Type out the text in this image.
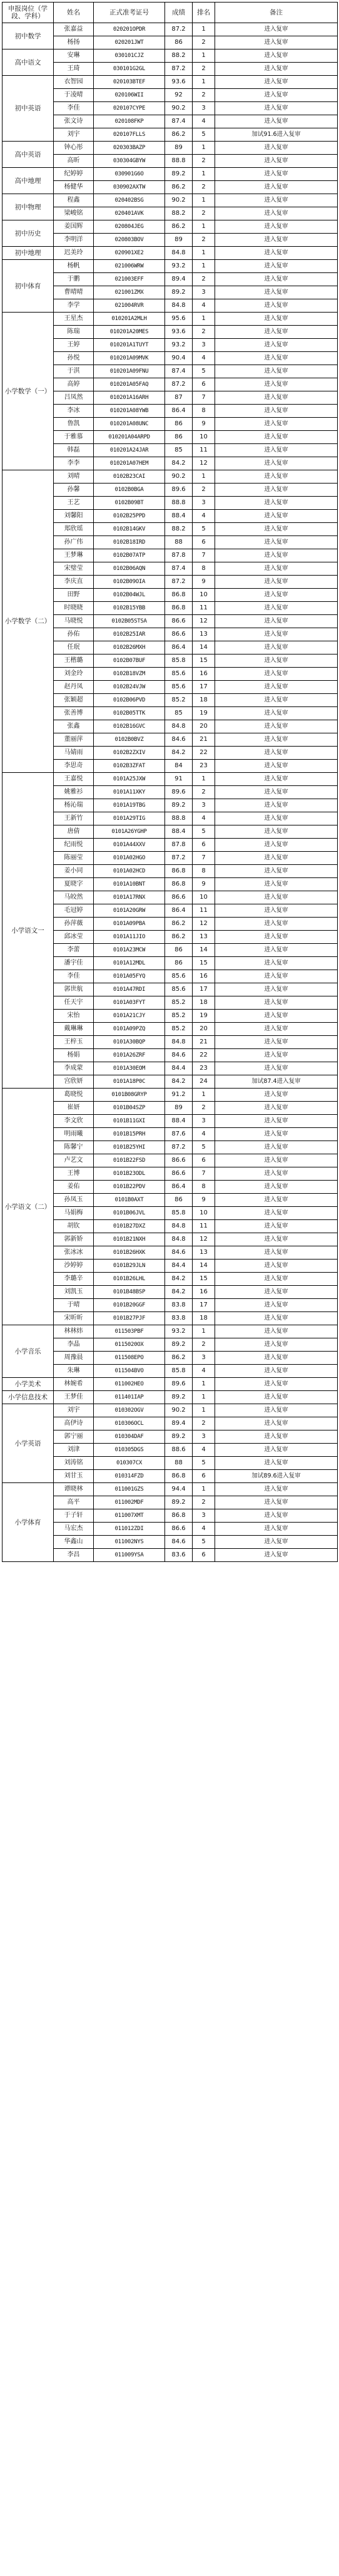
申报岗位（学段、学科）	姓名	正式准考证号	成绩	排名	备注
初中数学	张嘉益	020201OPDR	87.2	1	进入复审
	杨扬	020201JWT	86	2	进入复审
高中语文	安琳	030101CJZ	88.2	1	进入复审
	王琦	030101G2GL	87.2	2	进入复审
初中英语	衣智园	020103BTEF	93.6	1	进入复审
	于凌晴	020106WII	92	2	进入复审
	李佳	020107CYPE	90.2	3	进入复审
	张文诗	020108FKP	87.4	4	进入复审
	刘宇	020107FLLS	86.2	5	加试91.6进入复审
高中英语	钟心彤	020303BAZP	89	1	进入复审
	高昕	030304GBYW	88.8	2	进入复审
高中地理	纪婷婷	030901G6O	89.2	1	进入复审
	杨健华	030902AXTW	86.2	2	进入复审
初中物理	程鑫	020402BSG	90.2	1	进入复审
	梁峻铭	020401AVK	88.2	2	进入复审
初中历史	姜国辉	020804JEG	86.2	1	进入复审
	李明洋	020803BOV	89	2	进入复审
初中地理	迟美玲	020901XE2	84.8	1	进入复审
初中体育	杨帆	021006WRW	93.2	1	进入复审
	于鹏	021003EFF	89.4	2	进入复审
	曹晴晴	021001ZMX	89.2	3	进入复审
	李学	021004RVR	84.8	4	进入复审
小学数学（一）	王星杰	010201A2MLH	95.6	1	进入复审
	陈瑞	010201A20MES	93.6	2	进入复审
	王婷	010201A1TUYT	93.2	3	进入复审
	孙悦	010201A09MVK	90.4	4	进入复审
	于淇	010201A09FNU	87.4	5	进入复审
	高婷	010201A05FAQ	87.2	6	进入复审
	吕凤然	010201A16ARH	87	7	进入复审
	李冰	010201A08YWB	86.4	8	进入复审
	鲁凯	010201A08UNC	86	9	进入复审
	于雅慕	010201A04ARPD	86	10	进入复审
	韩磊	010201A24JAR	85	11	进入复审
	李李	010201A07HEM	84.2	12	进入复审
小学数学（二）	刘晴	0102B23CAI	90.2	1	进入复审
	孙馨	0102B0BGA	89.6	2	进入复审
	王艺	0102B09BT	88.8	3	进入复审
	刘馨阳	0102B25PPD	88.4	4	进入复审
	郑欣瑶	0102B14GKV	88.2	5	进入复审
	孙广伟	0102B18IRD	88	6	进入复审
	王梦琳	0102B07ATP	87.8	7	进入复审
	宋璧莹	0102B06AQN	87.4	8	进入复审
	李庆直	0102B09OIA	87.2	9	进入复审
	田野	0102B04WJL	86.8	10	进入复审
	时晓晓	0102B15YBB	86.8	11	进入复审
	马晓悦	0102B05STSA	86.6	12	进入复审
	孙佑	0102B25IAR	86.6	13	进入复审
	任珉	0102B26MXH	86.4	14	进入复审
	王楷璐	0102B07BUF	85.8	15	进入复审
	刘金玲	0102B18VZM	85.6	16	进入复审
	赵丹凤	0102B24VJW	85.6	17	进入复审
	张颖超	0102B06PVD	85.2	18	进入复审
	张善博	0102B05TTK	85	19	进入复审
	张鑫	0102B16GVC	84.8	20	进入复审
	董丽萍	0102B0BVZ	84.6	21	进入复审
	马婧雨	0102B2ZXIV	84.2	22	进入复审
	李思奇	0102B3ZFAT	84	23	进入复审
小学语文一	王嘉悦	0101A25JXW	91	1	进入复审
	姚雅衫	0101A11XKY	89.6	2	进入复审
	杨沁瑞	0101A19TBG	89.2	3	进入复审
	王新竹	0101A29TIG	88.8	4	进入复审
	唐倩	0101A26YGHP	88.4	5	进入复审
	纪雨悦	0101A44XXV	87.8	6	进入复审
	陈丽莹	0101A02HGO	87.2	7	进入复审
	姜小同	0101A02HCD	86.8	8	进入复审
	夏晓字	0101A10BNT	86.8	9	进入复审
	马皎然	0101A17RNX	86.6	10	进入复审
	毛冠婷	0101A20GRW	86.4	11	进入复审
	孙萍薇	0101A09PBA	86.2	12	进入复审
	邱冰莹	0101A11JIO	86.2	13	进入复审
	李蕾	0101A23MCW	86	14	进入复审
	潘宇佳	0101A12MDL	86	15	进入复审
	李佳	0101A05FYQ	85.6	16	进入复审
	郭世航	0101A47RDI	85.6	17	进入复审
	任天宇	0101A03FYT	85.2	18	进入复审
	宋怡	0101A21CJY	85.2	19	进入复审
	戴琳琳	0101A09PZQ	85.2	20	进入复审
	王梓玉	0101A30BQP	84.8	21	进入复审
	杨娟	0101A26ZRF	84.6	22	进入复审
	李成蒙	0101A30EOM	84.4	23	进入复审
	宫欣妍	0101A18P0C	84.2	24	加试87.4进入复审
小学语文（二）	葛晓悦	0101B08GRYP	91.2	1	进入复审
	崔妍	0101B04SZP	89	2	进入复审
	李文欣	0101B11GXI	88.4	3	进入复审
	明雨曦	0101B15PRH	87.6	4	进入复审
	陈馨宁	0101B25YHI	87.2	5	进入复审
	卢艺文	0101B22FSD	86.6	6	进入复审
	王博	0101B23ODL	86.6	7	进入复审
	姜佑	0101B22PDV	86.4	8	进入复审
	孙凤玉	0101B0AXT	86	9	进入复审
	马娟梅	0101B06JVL	85.8	10	进入复审
	胡钦	0101B27DXZ	84.8	11	进入复审
	郭新娇	0101B21NXH	84.8	12	进入复审
	张冰冰	0101B26HXK	84.6	13	进入复审
	沙婷婷	0101B29JLN	84.4	14	进入复审
	李璐辛	0101B26LHL	84.2	15	进入复审
	刘凯玉	0101B48BSP	84.2	16	进入复审
	于晴	0101B20GGF	83.8	17	进入复审
	宋昕昕	0101B27PJF	83.8	18	进入复审
小学音乐	林林炜	011503PBF	93.2	1	进入复审
	李晶	0115020OX	89.2	2	进入复审
	周豫晨	011508EPO	86.2	3	进入复审
	朱琳	011504BVO	85.8	4	进入复审
小学美术	林婉希	011002HEO	89.6	1	进入复审
小学信息技术	王梦佳	011401IAP	89.2	1	进入复审
小学英语	刘宇	010302OGV	90.2	1	进入复审
	高伊诗	010306OCL	89.4	2	进入复审
	郭宁丽	010304DAF	89.2	3	进入复审
	刘津	010305DGS	88.6	4	进入复审
	刘涛铭	010307CX	88	5	进入复审
	刘甘玉	010314FZD	86.8	6	加试89.6进入复审
小学体育	谭晓林	011001GZS	94.4	1	进入复审
	高平	011002MDF	89.2	2	进入复审
	于子轩	011007XMT	86.8	3	进入复审
	马宏杰	011012ZDI	86.6	4	进入复审
	华鑫山	011002NYS	84.6	5	进入复审
	李昌	011009YSA	83.6	6	进入复审
